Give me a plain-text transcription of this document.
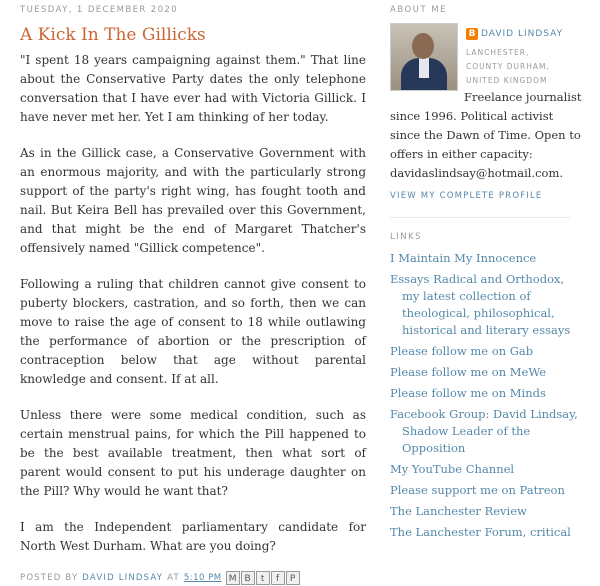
TUESDAY, 1 DECEMBER 2020
A Kick In The Gillicks

"I spent 18 years campaigning against them." That line about the Conservative Party dates the only telephone conversation that I have ever had with Victoria Gillick. I have never met her. Yet I am thinking of her today.

As in the Gillick case, a Conservative Government with an enormous majority, and with the particularly strong support of the party's right wing, has fought tooth and nail. But Keira Bell has prevailed over this Government, and that might be the end of Margaret Thatcher's offensively named "Gillick competence".

Following a ruling that children cannot give consent to puberty blockers, castration, and so forth, then we can move to raise the age of consent to 18 while outlawing the performance of abortion or the prescription of contraception below that age without parental knowledge and consent. If at all.

Unless there were some medical condition, such as certain menstrual pains, for which the Pill happened to be the best available treatment, then what sort of parent would consent to put his underage daughter on the Pill? Why would he want that?

I am the Independent parliamentary candidate for North West Durham. What are you doing?

POSTED BY
DAVID LINDSAY
AT 5:10 PM M B	t	f	P
ABOUT ME
B DAVID LINDSAY
LANCHESTER,
COUNTY DURHAM,
UNITED KINGDOM
Freelance journalist
since 1996. Political activist since the Dawn of Time. Open to offers in either capacity: davidaslindsay@hotmail.com.
VIEW MY COMPLETE PROFILE
LINKS
I Maintain My Innocence
Essays Radical and Orthodox, my latest collection of theological, philosophical, historical and literary essays
Please follow me on Gab
Please follow me on MeWe
Please follow me on Minds
Facebook Group: David Lindsay, Shadow Leader of the Opposition
My YouTube Channel
Please support me on Patreon
The Lanchester Review
The Lanchester Forum, critical
